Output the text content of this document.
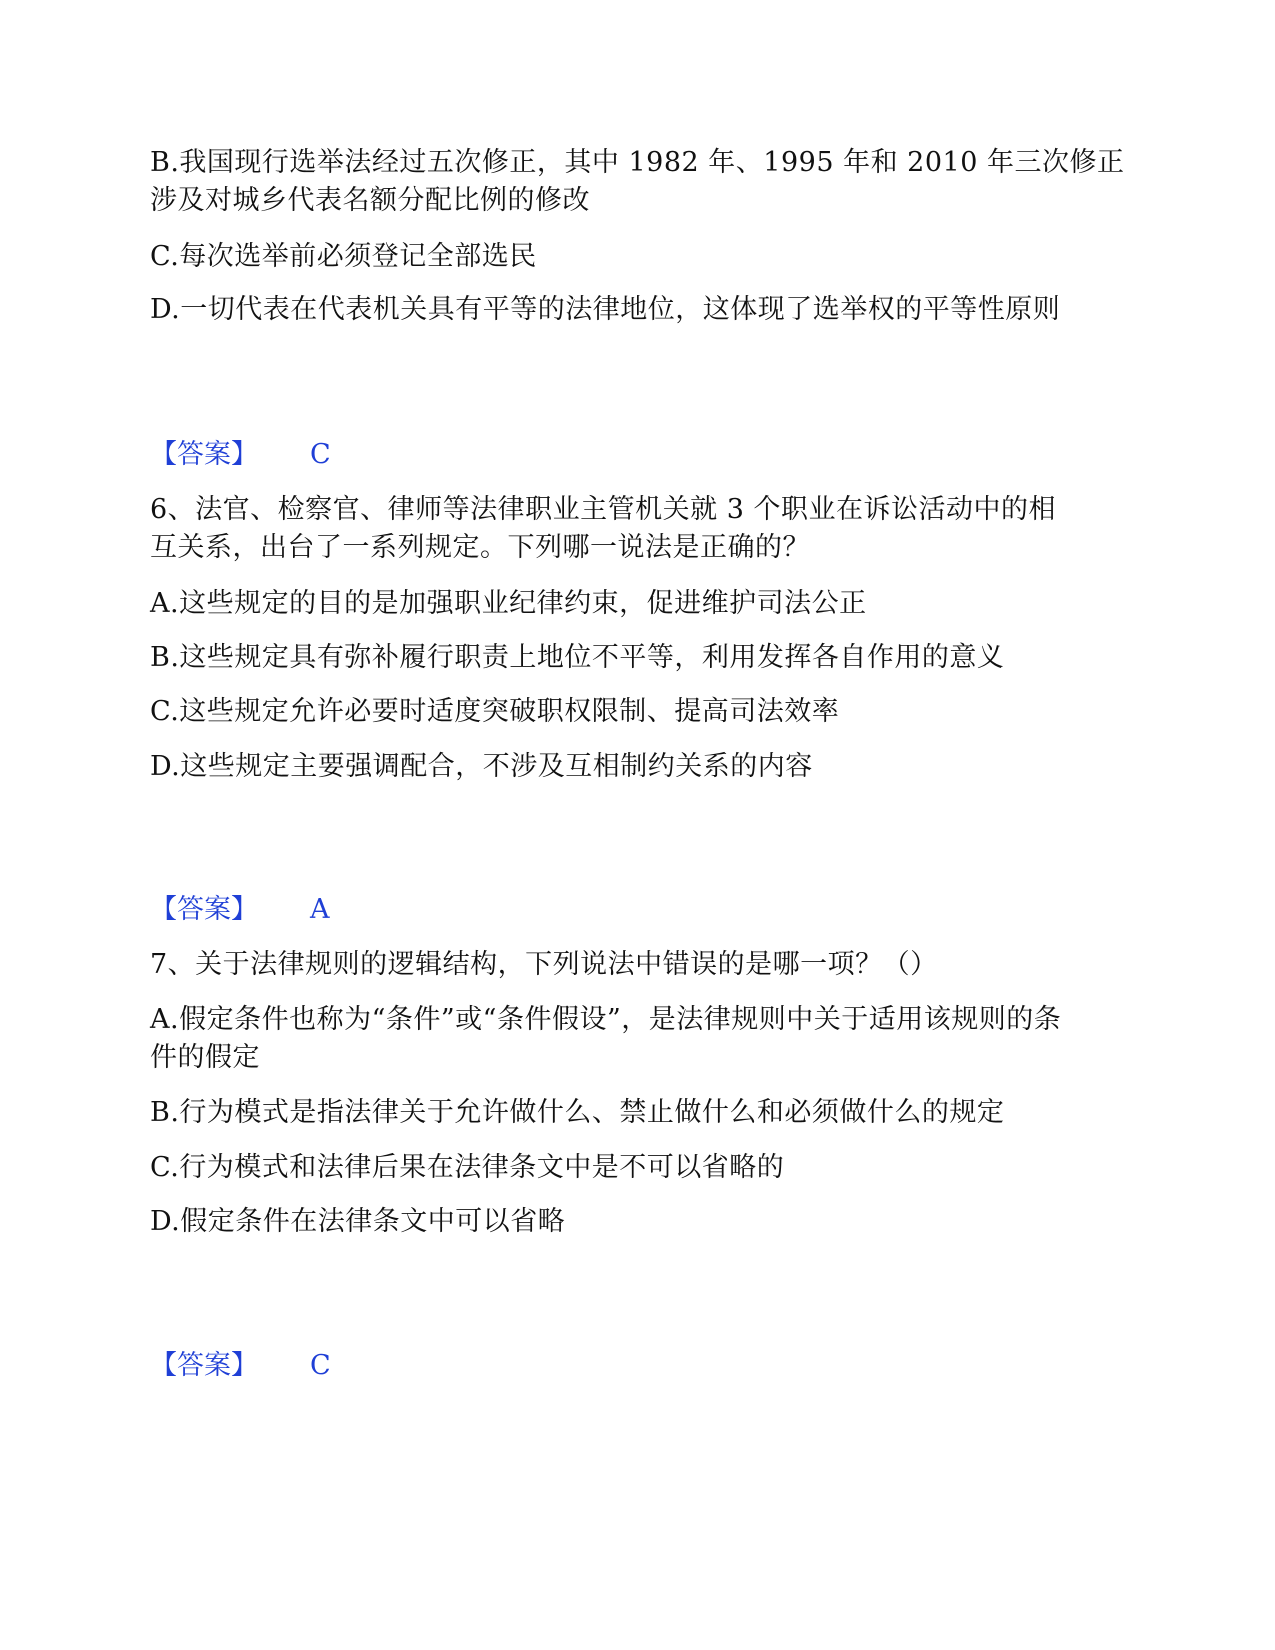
B.我国现行选举法经过五次修正，其中 1982 年、1995 年和 2010 年三次修正
涉及对城乡代表名额分配比例的修改
C.每次选举前必须登记全部选民
D.一切代表在代表机关具有平等的法律地位，这体现了选举权的平等性原则
【答案】 C
6、法官、检察官、律师等法律职业主管机关就 3 个职业在诉讼活动中的相
互关系，出台了一系列规定。下列哪一说法是正确的？
A.这些规定的目的是加强职业纪律约束，促进维护司法公正
B.这些规定具有弥补履行职责上地位不平等，利用发挥各自作用的意义
C.这些规定允许必要时适度突破职权限制、提高司法效率
D.这些规定主要强调配合，不涉及互相制约关系的内容
【答案】 A
7、关于法律规则的逻辑结构，下列说法中错误的是哪一项？（）
A.假定条件也称为“条件”或“条件假设”，是法律规则中关于适用该规则的条
件的假定
B.行为模式是指法律关于允许做什么、禁止做什么和必须做什么的规定
C.行为模式和法律后果在法律条文中是不可以省略的
D.假定条件在法律条文中可以省略
【答案】 C
